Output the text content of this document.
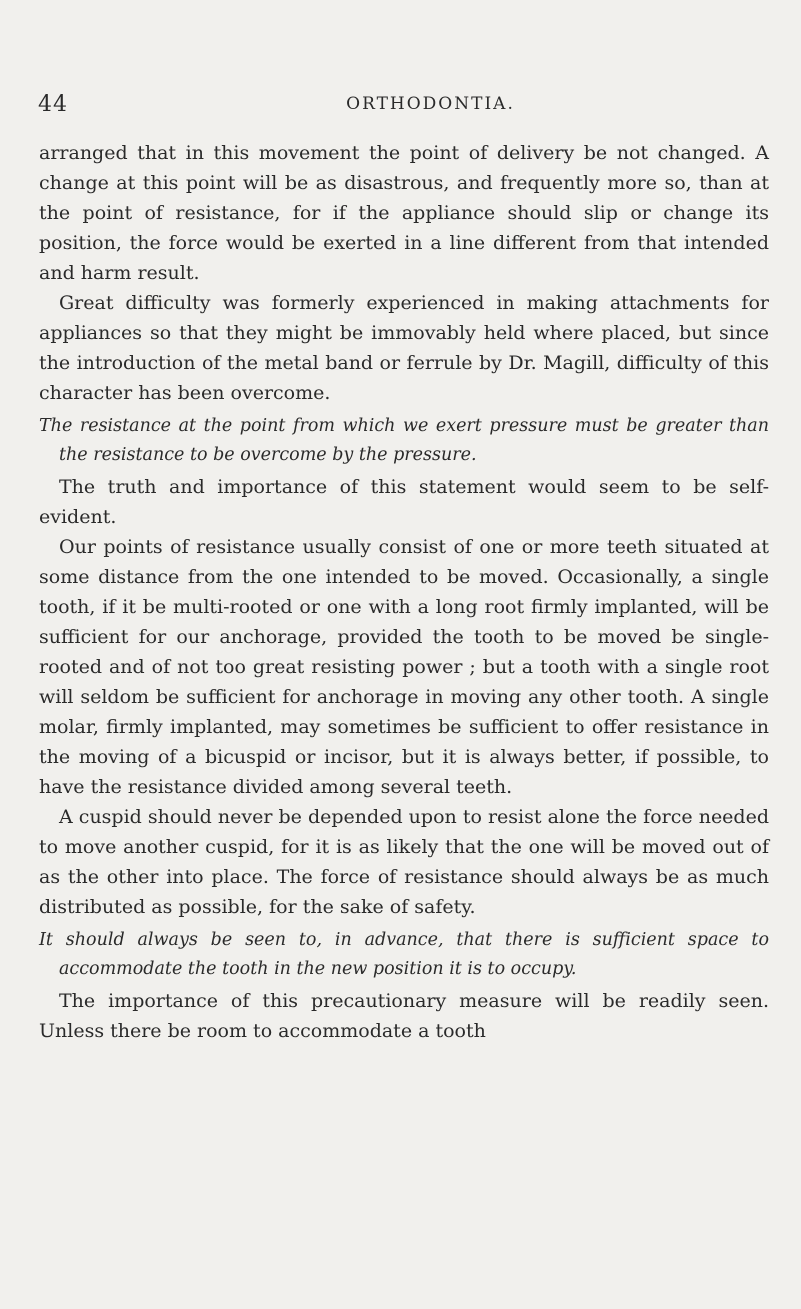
44	ORTHODONTIA.

arranged that in this movement the point of delivery be not changed. A change at this point will be as disastrous, and frequently more so, than at the point of resistance, for if the appliance should slip or change its position, the force would be exerted in a line different from that intended and harm result.

Great difficulty was formerly experienced in making attachments for appliances so that they might be immovably held where placed, but since the introduction of the metal band or ferrule by Dr. Magill, difficulty of this character has been overcome.

The resistance at the point from which we exert pressure must be greater than the resistance to be overcome by the pressure.

The truth and importance of this statement would seem to be self-evident.

Our points of resistance usually consist of one or more teeth situated at some distance from the one intended to be moved. Occasionally, a single tooth, if it be multi-rooted or one with a long root firmly implanted, will be sufficient for our anchorage, provided the tooth to be moved be single-rooted and of not too great resisting power ; but a tooth with a single root will seldom be sufficient for anchorage in moving any other tooth. A single molar, firmly implanted, may sometimes be sufficient to offer resistance in the moving of a bicuspid or incisor, but it is always better, if possible, to have the resistance divided among several teeth.

A cuspid should never be depended upon to resist alone the force needed to move another cuspid, for it is as likely that the one will be moved out of as the other into place. The force of resistance should always be as much distributed as possible, for the sake of safety.

It should always be seen to, in advance, that there is sufficient space to accommodate the tooth in the new position it is to occupy.

The importance of this precautionary measure will be readily seen. Unless there be room to accommodate a tooth
